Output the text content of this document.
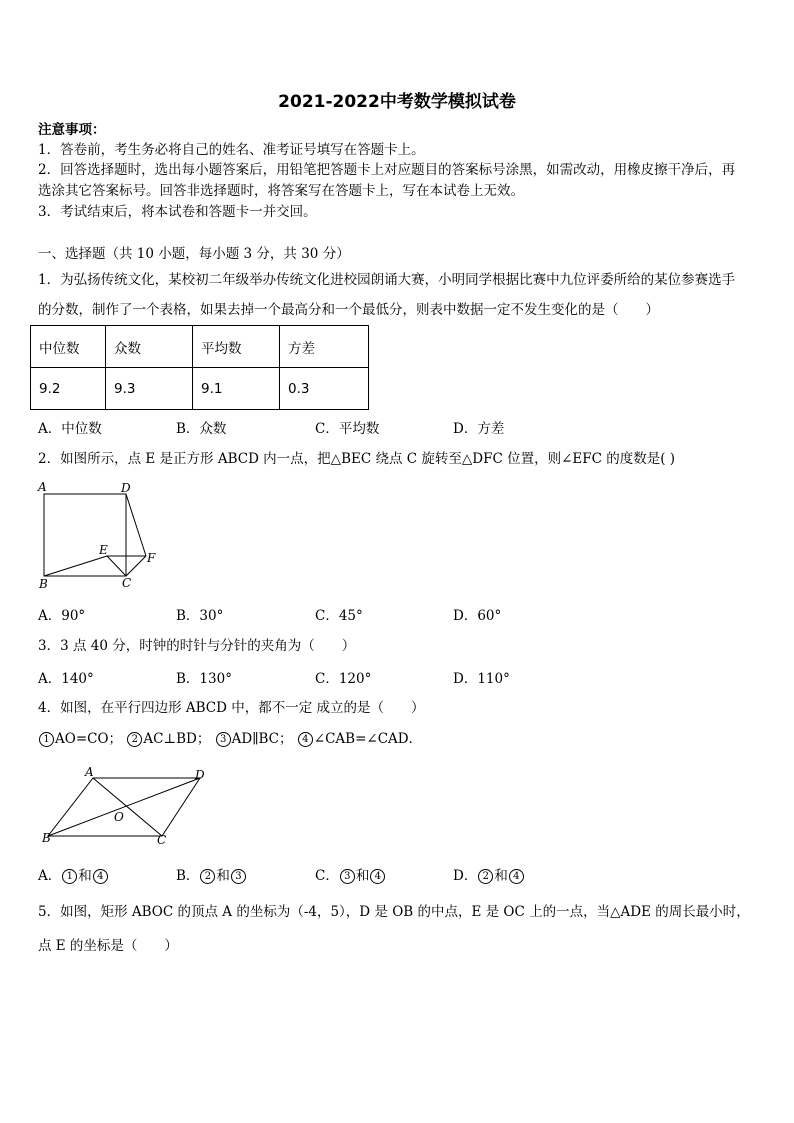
2021-2022中考数学模拟试卷
注意事项：
1．答卷前，考生务必将自己的姓名、准考证号填写在答题卡上。
2．回答选择题时，选出每小题答案后，用铅笔把答题卡上对应题目的答案标号涂黑，如需改动，用橡皮擦干净后，再
选涂其它答案标号。回答非选择题时，将答案写在答题卡上，写在本试卷上无效。
3．考试结束后，将本试卷和答题卡一并交回。
一、选择题（共 10 小题，每小题 3 分，共 30 分）
1．为弘扬传统文化，某校初二年级举办传统文化进校园朗诵大赛，小明同学根据比赛中九位评委所给的某位参赛选手
的分数，制作了一个表格，如果去掉一个最高分和一个最低分，则表中数据一定不发生变化的是（　　）
中位数	众数	平均数	方差
9.2	9.3	9.1	0.3
A．中位数	B．众数	C．平均数	D．方差
2．如图所示，点 E 是正方形 ABCD 内一点，把△BEC 绕点 C 旋转至△DFC 位置，则∠EFC 的度数是( )
A	D
E
F
B	C
A．90°	B．30°	C．45°	D．60°
3．3 点 40 分，时钟的时针与分针的夹角为（　　）
A．140°	B．130°	C．120°	D．110°
4．如图，在平行四边形 ABCD 中，都不一定 成立的是（　　）
1 AO=CO； 2 AC⊥BD； 3 AD∥BC； 4 ∠CAB=∠CAD．
A	D
O
B	C
A． 1 和 4	B． 2 和 3	C． 3 和 4	D． 2 和 4
5．如图，矩形 ABOC 的顶点 A 的坐标为（-4，5），D 是 OB 的中点，E 是 OC 上的一点，当△ADE 的周长最小时，
点 E 的坐标是（　　）
